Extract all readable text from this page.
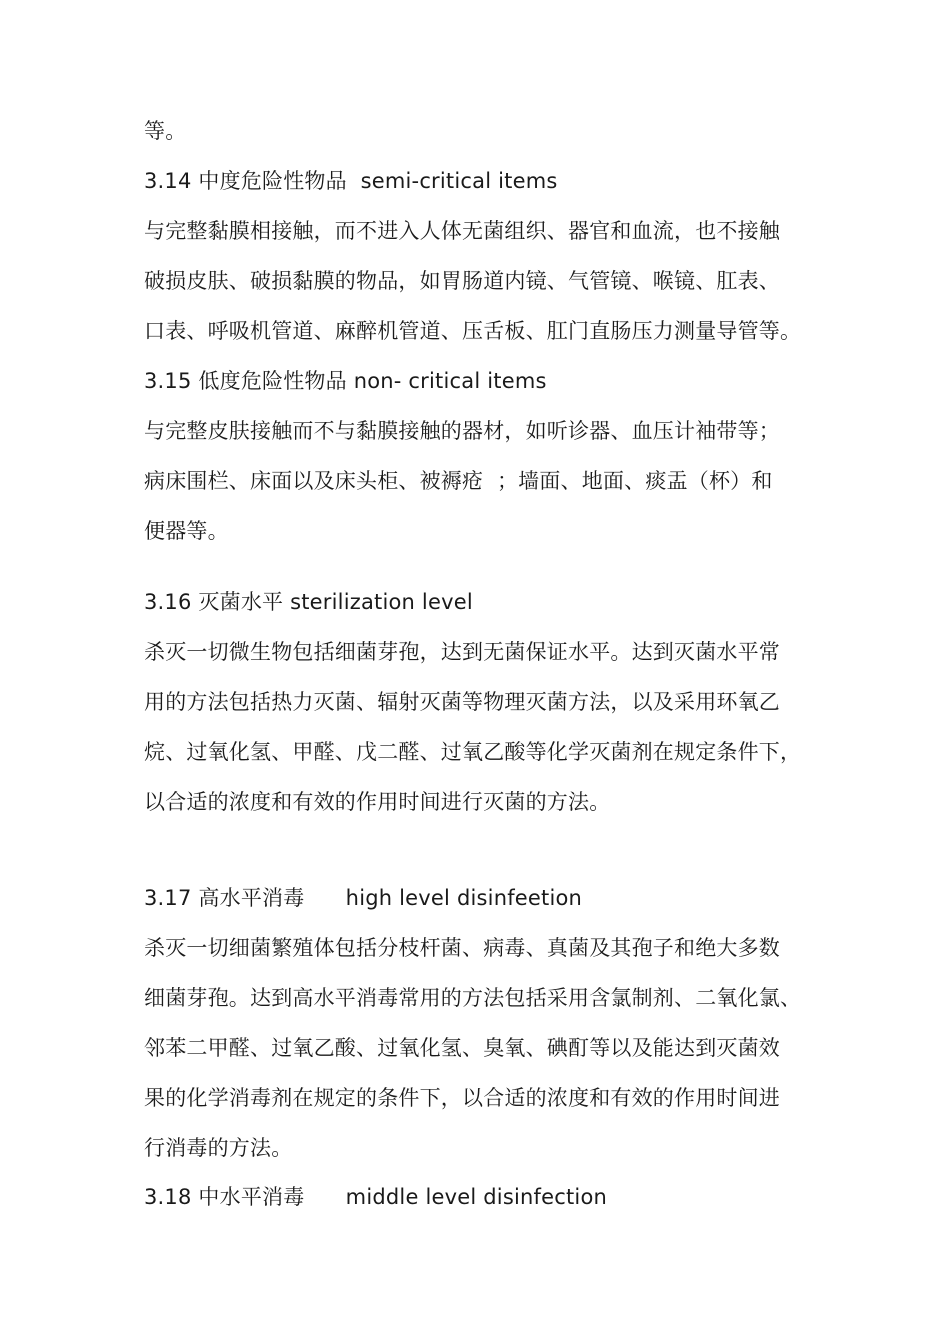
等。
3.14 中度危险性物品  semi-critical items
与完整黏膜相接触，而不进入人体无菌组织、器官和血流，也不接触
破损皮肤、破损黏膜的物品，如胃肠道内镜、气管镜、喉镜、肛表、
口表、呼吸机管道、麻醉机管道、压舌板、肛门直肠压力测量导管等。
3.15 低度危险性物品 non- critical items
与完整皮肤接触而不与黏膜接触的器材，如听诊器、血压计袖带等；
病床围栏、床面以及床头柜、被褥疮  ；墙面、地面、痰盂（杯）和
便器等。
3.16 灭菌水平 sterilization level
杀灭一切微生物包括细菌芽孢，达到无菌保证水平。达到灭菌水平常
用的方法包括热力灭菌、辐射灭菌等物理灭菌方法，以及采用环氧乙
烷、过氧化氢、甲醛、戊二醛、过氧乙酸等化学灭菌剂在规定条件下，
以合适的浓度和有效的作用时间进行灭菌的方法。
3.17 高水平消毒      high level disinfeetion
杀灭一切细菌繁殖体包括分枝杆菌、病毒、真菌及其孢子和绝大多数
细菌芽孢。达到高水平消毒常用的方法包括采用含氯制剂、二氧化氯、
邻苯二甲醛、过氧乙酸、过氧化氢、臭氧、碘酊等以及能达到灭菌效
果的化学消毒剂在规定的条件下，以合适的浓度和有效的作用时间进
行消毒的方法。
3.18 中水平消毒      middle level disinfection
